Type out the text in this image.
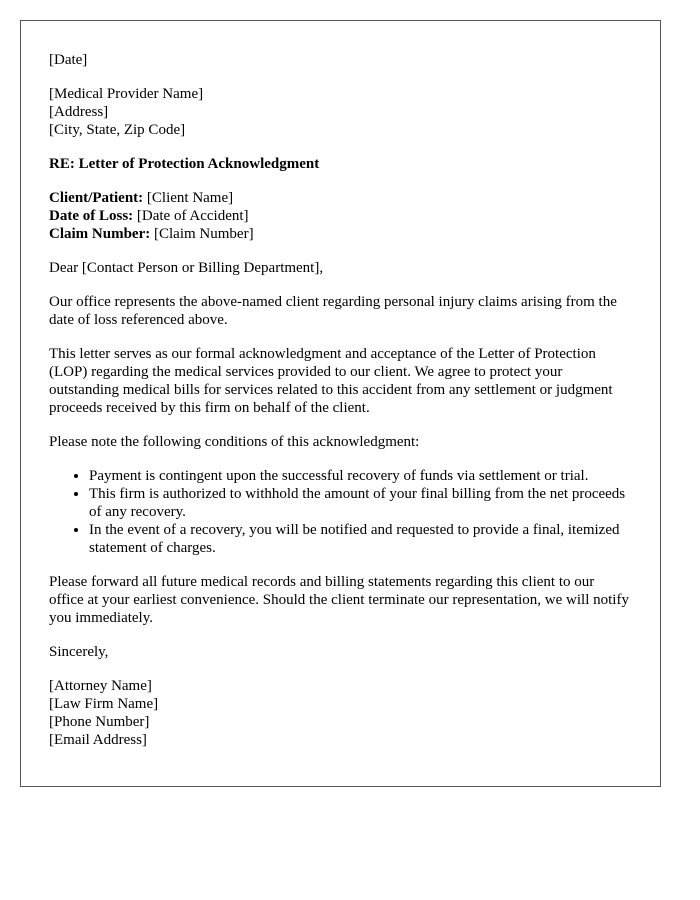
[Date]

[Medical Provider Name]
[Address]
[City, State, Zip Code]

RE: Letter of Protection Acknowledgment

Client/Patient: [Client Name]
Date of Loss: [Date of Accident]
Claim Number: [Claim Number]

Dear [Contact Person or Billing Department],

Our office represents the above-named client regarding personal injury claims arising from the date of loss referenced above.

This letter serves as our formal acknowledgment and acceptance of the Letter of Protection (LOP) regarding the medical services provided to our client. We agree to protect your outstanding medical bills for services related to this accident from any settlement or judgment proceeds received by this firm on behalf of the client.

Please note the following conditions of this acknowledgment:

• Payment is contingent upon the successful recovery of funds via settlement or trial.
• This firm is authorized to withhold the amount of your final billing from the net proceeds of any recovery.
• In the event of a recovery, you will be notified and requested to provide a final, itemized statement of charges.

Please forward all future medical records and billing statements regarding this client to our office at your earliest convenience. Should the client terminate our representation, we will notify you immediately.

Sincerely,

[Attorney Name]
[Law Firm Name]
[Phone Number]
[Email Address]
